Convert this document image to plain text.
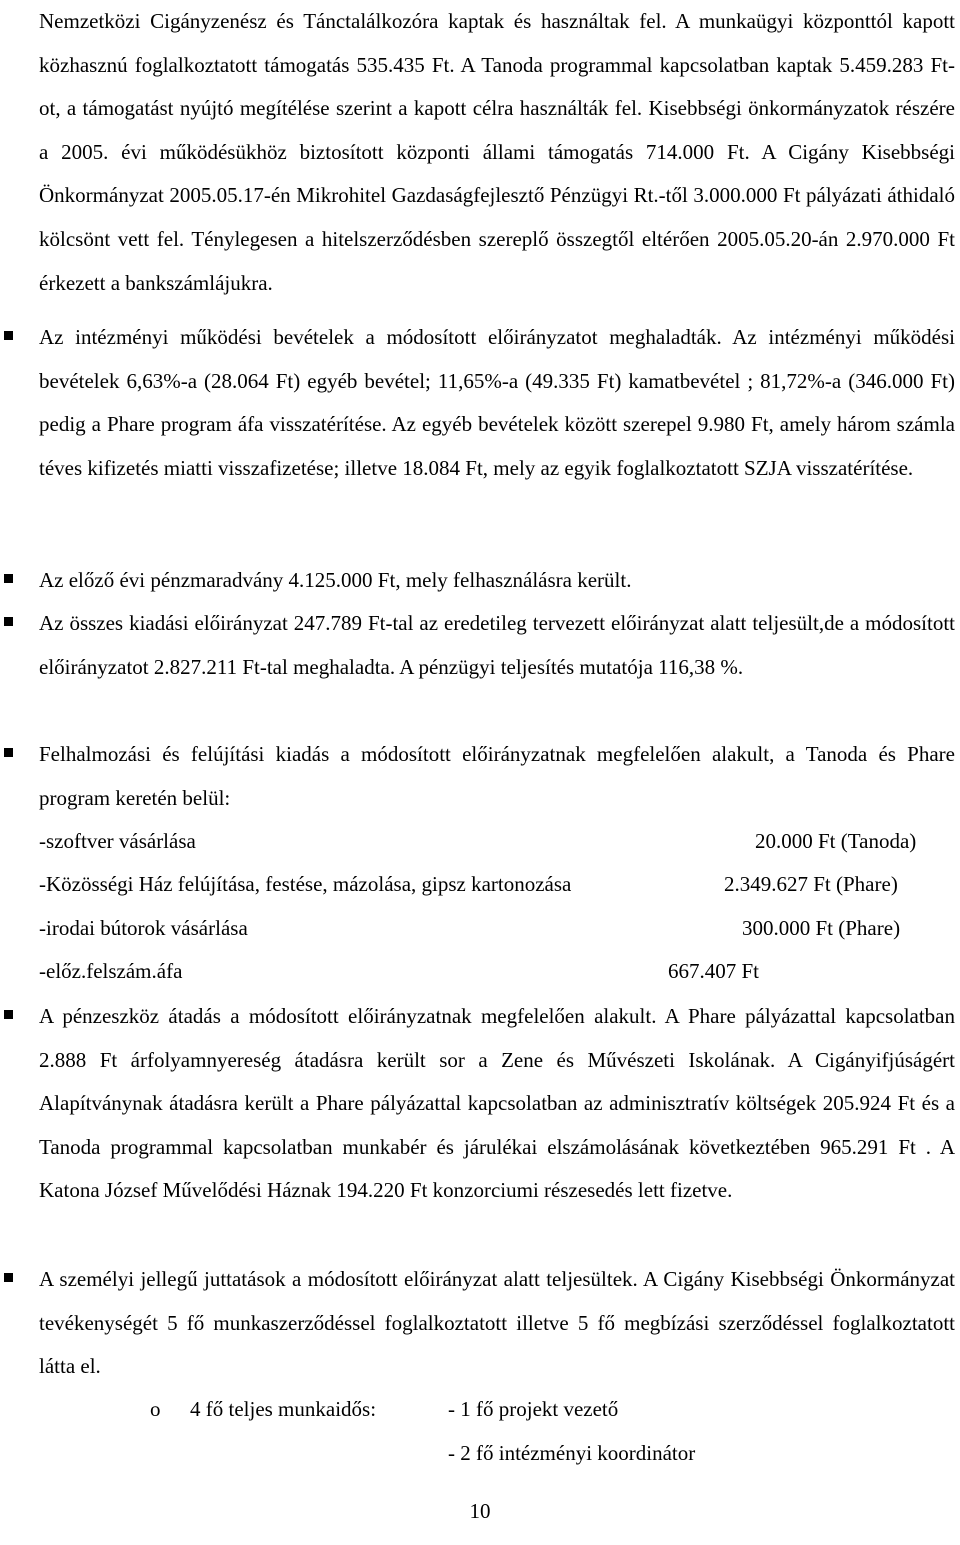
Nemzetközi Cigányzenész és Tánctalálkozóra kaptak és használtak fel. A munkaügyi központtól kapott közhasznú foglalkoztatott támogatás 535.435 Ft. A Tanoda programmal kapcsolatban kaptak 5.459.283 Ft-ot, a támogatást nyújtó megítélése szerint a kapott célra használták fel. Kisebbségi önkormányzatok részére a 2005. évi működésükhöz biztosított központi állami támogatás 714.000 Ft. A Cigány Kisebbségi Önkormányzat 2005.05.17-én Mikrohitel Gazdaságfejlesztő Pénzügyi Rt.-től 3.000.000 Ft pályázati áthidaló kölcsönt vett fel. Ténylegesen a hitelszerződésben szereplő összegtől eltérően 2005.05.20-án 2.970.000 Ft érkezett a bankszámlájukra.

Az intézményi működési bevételek a módosított előirányzatot meghaladták. Az intézményi működési bevételek 6,63%-a (28.064 Ft) egyéb bevétel; 11,65%-a (49.335 Ft) kamatbevétel ; 81,72%-a (346.000 Ft) pedig a Phare program áfa visszatérítése. Az egyéb bevételek között szerepel 9.980 Ft, amely három számla téves kifizetés miatti visszafizetése; illetve 18.084 Ft, mely az egyik foglalkoztatott SZJA visszatérítése.

Az előző évi pénzmaradvány 4.125.000 Ft, mely felhasználásra került.

Az összes kiadási előirányzat 247.789 Ft-tal az eredetileg tervezett előirányzat alatt teljesült,de a módosított előirányzatot 2.827.211 Ft-tal meghaladta. A pénzügyi teljesítés mutatója 116,38 %.

Felhalmozási és felújítási kiadás a módosított előirányzatnak megfelelően alakult, a Tanoda és Phare program keretén belül:

-szoftver vásárlása	20.000 Ft (Tanoda)
-Közösségi Ház felújítása, festése, mázolása, gipsz kartonozása	2.349.627 Ft (Phare)
-irodai bútorok vásárlása	300.000 Ft (Phare)
-előz.felszám.áfa	667.407 Ft

A pénzeszköz átadás a módosított előirányzatnak megfelelően alakult. A Phare pályázattal kapcsolatban 2.888 Ft árfolyamnyereség átadásra került sor a Zene és Művészeti Iskolának. A Cigányifjúságért Alapítványnak átadásra került a Phare pályázattal kapcsolatban az adminisztratív költségek 205.924 Ft és a Tanoda programmal kapcsolatban munkabér és járulékai elszámolásának következtében 965.291 Ft . A Katona József Művelődési Háznak 194.220 Ft konzorciumi részesedés lett fizetve.

A személyi jellegű juttatások a módosított előirányzat alatt teljesültek. A Cigány Kisebbségi Önkormányzat tevékenységét 5 fő munkaszerződéssel foglalkoztatott illetve 5 fő megbízási szerződéssel foglalkoztatott látta el.

o 4 fő teljes munkaidős:	- 1 fő projekt vezető
- 2 fő intézményi koordinátor
10
